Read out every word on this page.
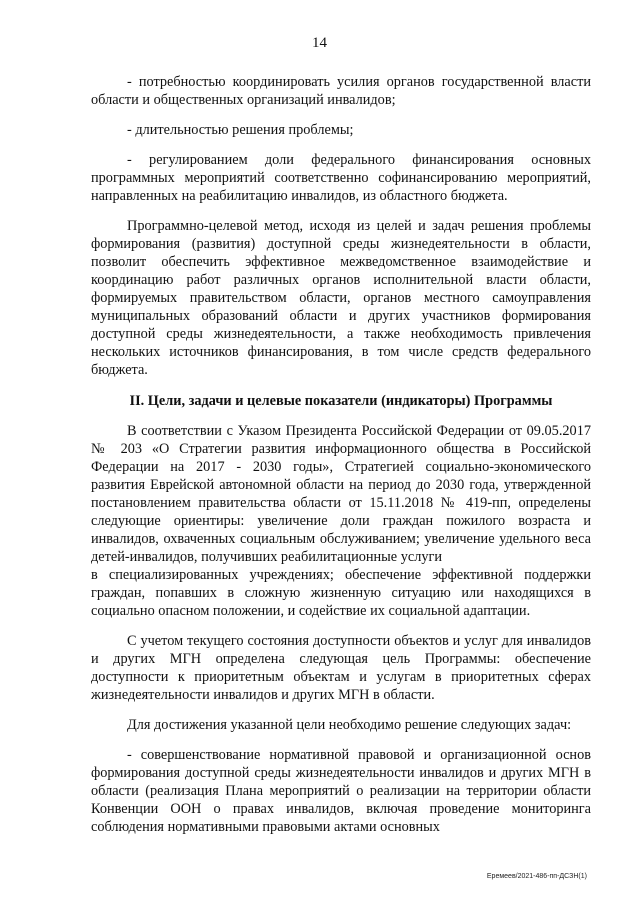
14

- потребностью координировать усилия органов государственной власти области и общественных организаций инвалидов;

- длительностью решения проблемы;

- регулированием доли федерального финансирования основных программных мероприятий соответственно софинансированию мероприятий, направленных на реабилитацию инвалидов, из областного бюджета.

Программно-целевой метод, исходя из целей и задач решения проблемы формирования (развития) доступной среды жизнедеятельности в области, позволит обеспечить эффективное межведомственное взаимодействие и координацию работ различных органов исполнительной власти области, формируемых правительством области, органов местного самоуправления муниципальных образований области и других участников формирования доступной среды жизнедеятельности, а также необходимость привлечения нескольких источников финансирования, в том числе средств федерального бюджета.

II. Цели, задачи и целевые показатели (индикаторы) Программы

В соответствии с Указом Президента Российской Федерации от 09.05.2017 № 203 «О Стратегии развития информационного общества в Российской Федерации на 2017 - 2030 годы», Стратегией социально-экономического развития Еврейской автономной области на период до 2030 года, утвержденной постановлением правительства области от 15.11.2018 № 419-пп, определены следующие ориентиры: увеличение доли граждан пожилого возраста и инвалидов, охваченных социальным обслуживанием; увеличение удельного веса детей-инвалидов, получивших реабилитационные услуги

в специализированных учреждениях; обеспечение эффективной поддержки граждан, попавших в сложную жизненную ситуацию или находящихся в социально опасном положении, и содействие их социальной адаптации.

С учетом текущего состояния доступности объектов и услуг для инвалидов и других МГН определена следующая цель Программы: обеспечение доступности к приоритетным объектам и услугам в приоритетных сферах жизнедеятельности инвалидов и других МГН в области.

Для достижения указанной цели необходимо решение следующих задач:

- совершенствование нормативной правовой и организационной основ формирования доступной среды жизнедеятельности инвалидов и других МГН в области (реализация Плана мероприятий о реализации на территории области Конвенции ООН о правах инвалидов, включая проведение мониторинга соблюдения нормативными правовыми актами основных

Еремеев/2021-486-пп-ДСЗН(1)
